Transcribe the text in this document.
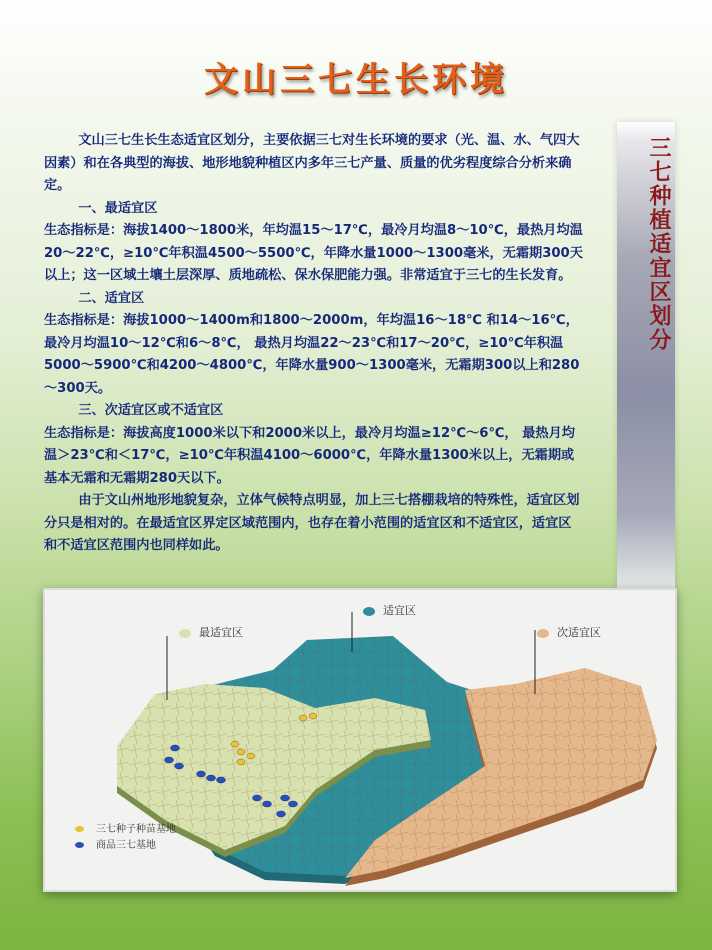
文山三七生长环境

文山三七生长生态适宜区划分，主要依据三七对生长环境的要求（光、温、水、气四大因素）和在各典型的海拔、地形地貌种植区内多年三七产量、质量的优劣程度综合分析来确定。

一、最适宜区

生态指标是：海拔1400～1800米，年均温15～17℃，最冷月均温8～10℃，最热月均温20～22℃，≥10℃年积温4500～5500℃，年降水量1000～1300毫米，无霜期300天以上；这一区域土壤土层深厚、质地疏松、保水保肥能力强。非常适宜于三七的生长发育。

二、适宜区

生态指标是：海拔1000～1400m和1800～2000m，年均温16～18℃ 和14～16℃，最冷月均温10～12℃和6～8℃， 最热月均温22～23℃和17～20℃，≥10℃年积温5000～5900℃和4200～4800℃，年降水量900～1300毫米，无霜期300以上和280～300天。

三、次适宜区或不适宜区

生态指标是：海拔高度1000米以下和2000米以上，最冷月均温≥12℃～6℃， 最热月均温＞23℃和＜17℃，≥10℃年积温4100～6000℃，年降水量1300米以上，无霜期或基本无霜和无霜期280天以下。

由于文山州地形地貌复杂，立体气候特点明显，加上三七搭棚栽培的特殊性，适宜区划分只是相对的。在最适宜区界定区域范围内，也存在着小范围的适宜区和不适宜区，适宜区和不适宜区范围内也同样如此。

三七种植适宜区划分
最适宜区
适宜区
次适宜区
三七种子种苗基地
商品三七基地
